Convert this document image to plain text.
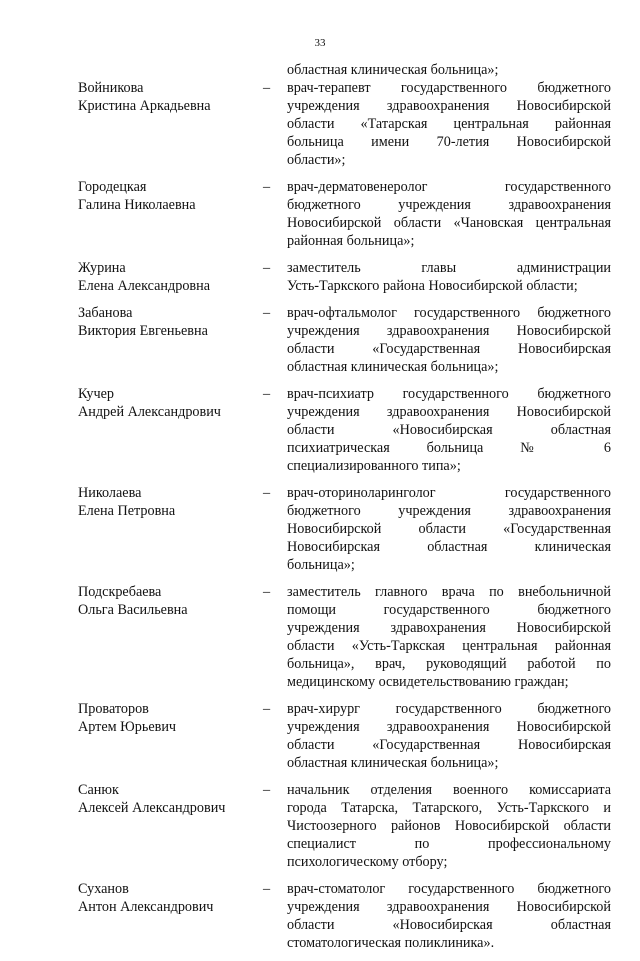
33
областная клиническая больница»;
Войникова
Кристина Аркадьевна
– врач-терапевт государственного бюджетного
учреждения здравоохранения Новосибирской
области «Татарская центральная районная
больница имени 70-летия Новосибирской
области»;
Городецкая
Галина Николаевна
– врач-дерматовенеролог государственного
бюджетного учреждения здравоохранения
Новосибирской области «Чановская центральная
районная больница»;
Журина
Елена Александровна
– заместитель главы администрации
Усть-Таркского района Новосибирской области;
Забанова
Виктория Евгеньевна
– врач-офтальмолог государственного бюджетного
учреждения здравоохранения Новосибирской
области «Государственная Новосибирская
областная клиническая больница»;
Кучер
Андрей Александрович
– врач-психиатр государственного бюджетного
учреждения здравоохранения Новосибирской
области «Новосибирская областная
психиатрическая больница № 6
специализированного типа»;
Николаева
Елена Петровна
– врач-оториноларинголог государственного
бюджетного учреждения здравоохранения
Новосибирской области «Государственная
Новосибирская областная клиническая
больница»;
Подскребаева
Ольга Васильевна
– заместитель главного врача по внебольничной
помощи государственного бюджетного
учреждения здравохранения Новосибирской
области «Усть-Таркская центральная районная
больница», врач, руководящий работой по
медицинскому освидетельствованию граждан;
Проваторов
Артем Юрьевич
– врач-хирург государственного бюджетного
учреждения здравоохранения Новосибирской
области «Государственная Новосибирская
областная клиническая больница»;
Санюк
Алексей Александрович
– начальник отделения военного комиссариата
города Татарска, Татарского, Усть-Таркского и
Чистоозерного районов Новосибирской области
специалист по профессиональному
психологическому отбору;
Суханов
Антон Александрович
– врач-стоматолог государственного бюджетного
учреждения здравоохранения Новосибирской
области «Новосибирская областная
стоматологическая поликлиника».
